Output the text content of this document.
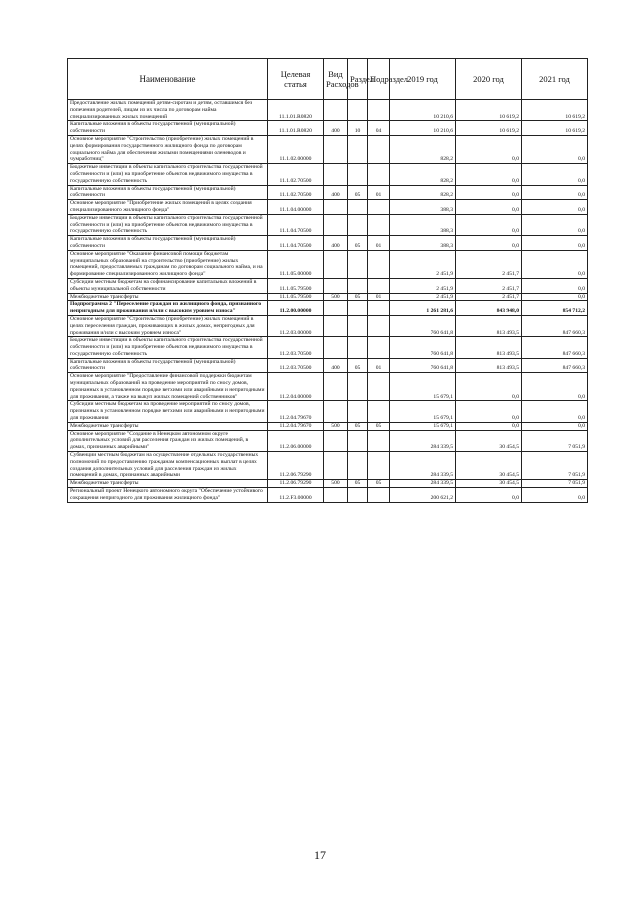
Наименование	Целевая статья	Вид Расходов	Раздел	Подраздел	2019 год	2020 год	2021 год
Предоставление жилых помещений детям-сиротам и детям, оставшимся без попечения родителей, лицам из их числа по договорам найма специализированных жилых помещений	11.1.01.R0820				10 210,6	10 619,2	10 619,2
Капитальные вложения в объекты государственной (муниципальной) собственности	11.1.01.R0820	400	10	04	10 210,6	10 619,2	10 619,2
Основное мероприятие "Строительство (приобретение) жилых помещений в целях формирования государственного жилищного фонда по договорам социального найма для обеспечения жилыми помещениями оленеводов и чумработниц"	11.1.02.00000				828,2	0,0	0,0
Бюджетные инвестиции в объекты капитального строительства государственной собственности и (или) на приобретение объектов недвижимого имущества в государственную собственность	11.1.02.70500				828,2	0,0	0,0
Капитальные вложения в объекты государственной (муниципальной) собственности	11.1.02.70500	400	05	01	828,2	0,0	0,0
Основное мероприятие "Приобретение жилых помещений в целях создания специализированного жилищного фонда"	11.1.04.00000				388,3	0,0	0,0
Бюджетные инвестиции в объекты капитального строительства государственной собственности и (или) на приобретение объектов недвижимого имущества в государственную собственность	11.1.04.70500				388,3	0,0	0,0
Капитальные вложения в объекты государственной (муниципальной) собственности	11.1.04.70500	400	05	01	388,3	0,0	0,0
Основное мероприятие "Оказание финансовой помощи бюджетам муниципальных образований на строительство (приобретение) жилых помещений, предоставляемых гражданам по договорам социального найма, и на формирование специализированного жилищного фонда"	11.1.05.00000				2 451,9	2 451,7	0,0
Субсидии местным бюджетам на софинансирование капитальных вложений в объекты муниципальной собственности	11.1.05.79500				2 451,9	2 451,7	0,0
Межбюджетные трансферты	11.1.05.79500	500	05	01	2 451,9	2 451,7	0,0
Подпрограмма 2 "Переселение граждан из жилищного фонда, признанного непригодным для проживания и/или с высоким уровнем износа"	11.2.00.00000				1 261 281,6	843 948,0	854 712,2
Основное мероприятие "Строительство (приобретение) жилых помещений в целях переселения граждан, проживающих в жилых домах, непригодных для проживания и/или с высоким уровнем износа"	11.2.03.00000				760 641,8	813 493,5	847 660,3
Бюджетные инвестиции в объекты капитального строительства государственной собственности и (или) на приобретение объектов недвижимого имущества в государственную собственность	11.2.03.70500				760 641,8	813 493,5	847 660,3
Капитальные вложения в объекты государственной (муниципальной) собственности	11.2.03.70500	400	05	01	760 641,8	813 493,5	847 660,3
Основное мероприятие "Предоставление финансовой поддержки бюджетам муниципальных образований на проведение мероприятий по сносу домов, признанных в установленном порядке ветхими или аварийными и непригодными для проживания, а также на выкуп жилых помещений собственников"	11.2.04.00000				15 679,1	0,0	0,0
Субсидии местным бюджетам на проведение мероприятий по сносу домов, признанных в установленном порядке ветхими или аварийными и непригодными для проживания	11.2.04.79670				15 679,1	0,0	0,0
Межбюджетные трансферты	11.2.04.79670	500	05	05	15 679,1	0,0	0,0
Основное мероприятие "Создание в Ненецком автономном округе дополнительных условий для расселения граждан из жилых помещений, в домах, признанных аварийными"	11.2.06.00000				284 339,5	30 454,5	7 051,9
Субвенции местным бюджетам на осуществление отдельных государственных полномочий по предоставлению гражданам компенсационных выплат в целях создания дополнительных условий для расселения граждан из жилых помещений в домах, признанных аварийными	11.2.06.79290				284 339,5	30 454,5	7 051,9
Межбюджетные трансферты	11.2.06.79290	500	05	05	284 339,5	30 454,5	7 051,9
Региональный проект Ненецкого автономного округа "Обеспечение устойчивого сокращения непригодного для проживания жилищного фонда"	11.2.F3.00000				200 621,2	0,0	0,0
17
